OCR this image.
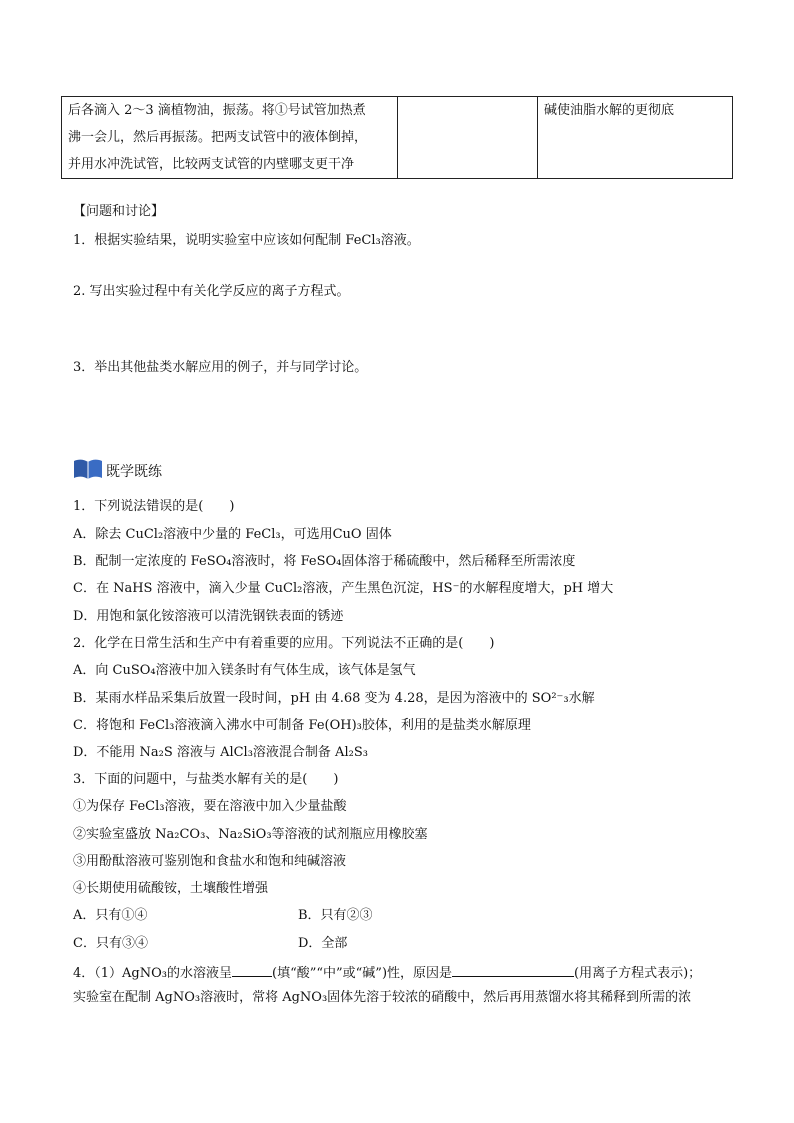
后各滴入 2～3 滴植物油，振荡。将①号试管加热煮
沸一会儿，然后再振荡。把两支试管中的液体倒掉，
并用水冲洗试管，比较两支试管的内壁哪支更干净
		碱使油脂水解的更彻底
【问题和讨论】
1．根据实验结果，说明实验室中应该如何配制 FeCl₃溶液。
2. 写出实验过程中有关化学反应的离子方程式。
3．举出其他盐类水解应用的例子，并与同学讨论。
既学既练
1．下列说法错误的是(　　)
A．除去 CuCl₂溶液中少量的 FeCl₃，可选用CuO 固体
B．配制一定浓度的 FeSO₄溶液时，将 FeSO₄固体溶于稀硫酸中，然后稀释至所需浓度
C．在 NaHS 溶液中，滴入少量 CuCl₂溶液，产生黑色沉淀，HS⁻的水解程度增大，pH 增大
D．用饱和氯化铵溶液可以清洗钢铁表面的锈迹
2．化学在日常生活和生产中有着重要的应用。下列说法不正确的是(　　)
A．向 CuSO₄溶液中加入镁条时有气体生成，该气体是氢气
B．某雨水样品采集后放置一段时间，pH 由 4.68 变为 4.28，是因为溶液中的 SO²⁻₃水解
C．将饱和 FeCl₃溶液滴入沸水中可制备 Fe(OH)₃胶体，利用的是盐类水解原理
D．不能用 Na₂S 溶液与 AlCl₃溶液混合制备 Al₂S₃
3．下面的问题中，与盐类水解有关的是(　　)
①为保存 FeCl₃溶液，要在溶液中加入少量盐酸
②实验室盛放 Na₂CO₃、Na₂SiO₃等溶液的试剂瓶应用橡胶塞
③用酚酞溶液可鉴别饱和食盐水和饱和纯碱溶液
④长期使用硫酸铵，土壤酸性增强
A．只有①④	B．只有②③
C．只有③④	D．全部
4．（1）AgNO₃的水溶液呈	(填“酸”“中”或“碱”)性，原因是	(用离子方程式表示)；
实验室在配制 AgNO₃溶液时，常将 AgNO₃固体先溶于较浓的硝酸中，然后再用蒸馏水将其稀释到所需的浓
